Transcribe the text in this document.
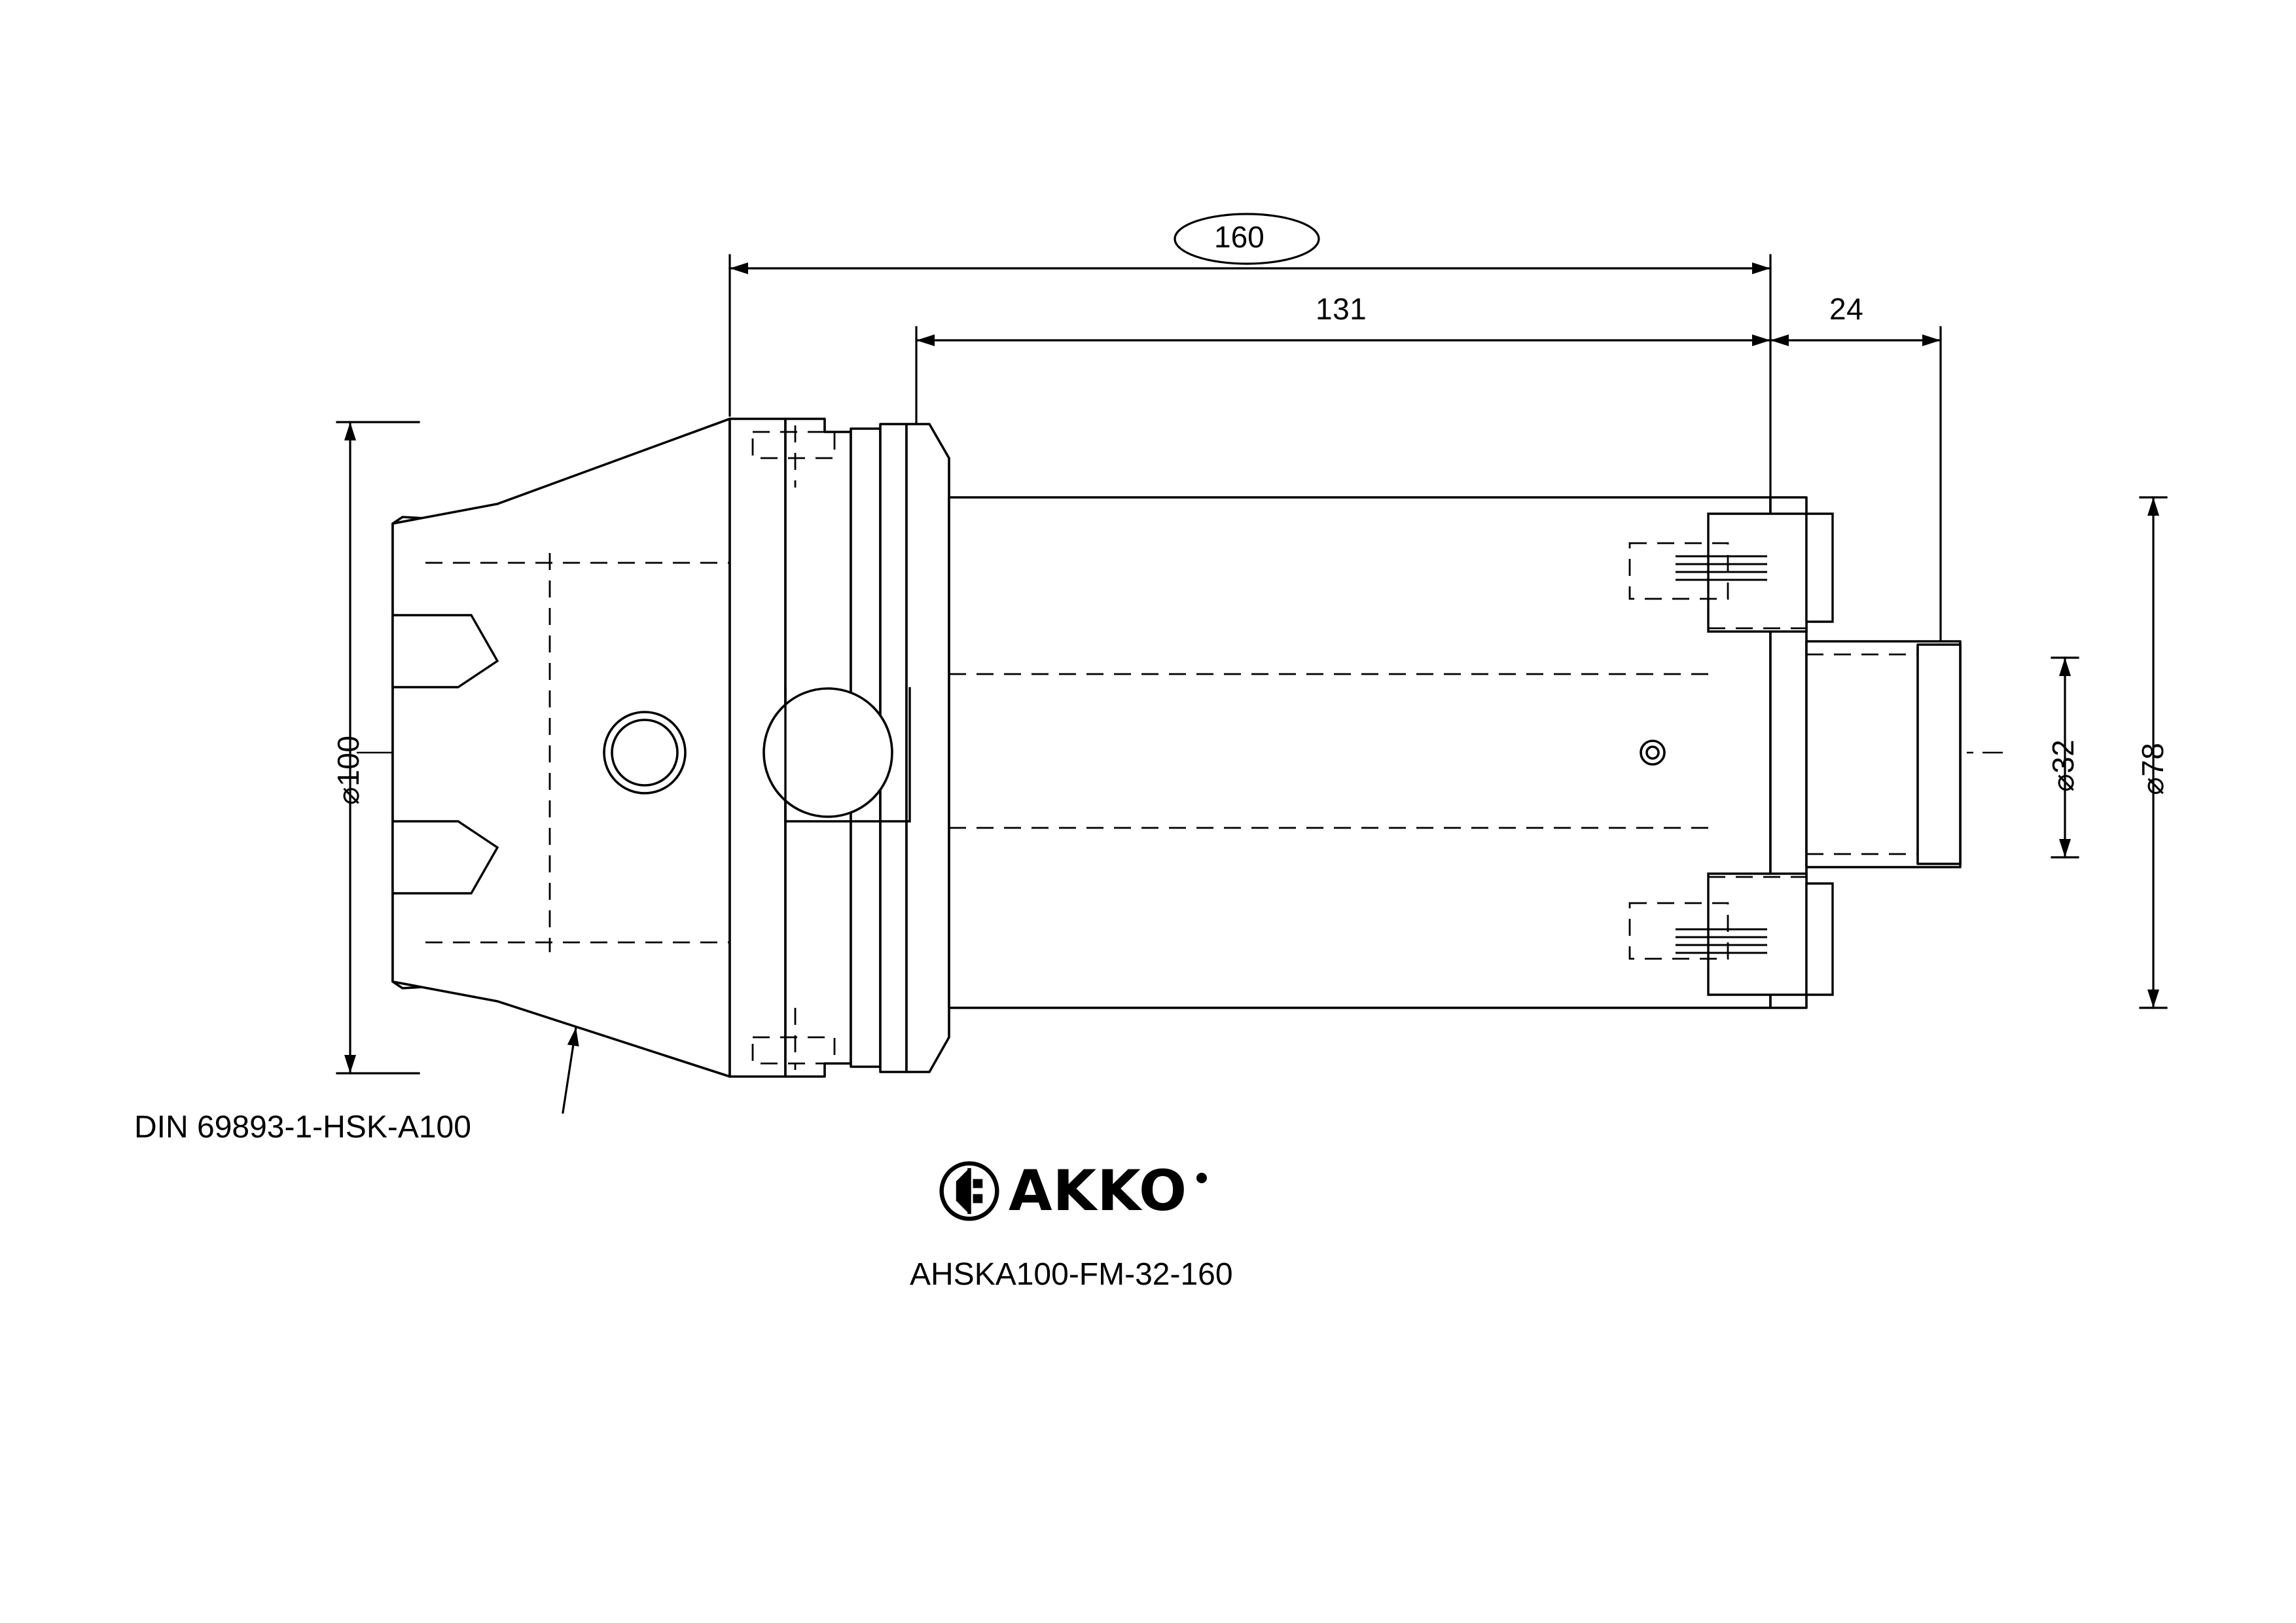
160
131	24
⌀100	⌀32 ⌀78
DIN 69893-1-HSK-A100
AKKO
AHSKA100-FM-32-160
